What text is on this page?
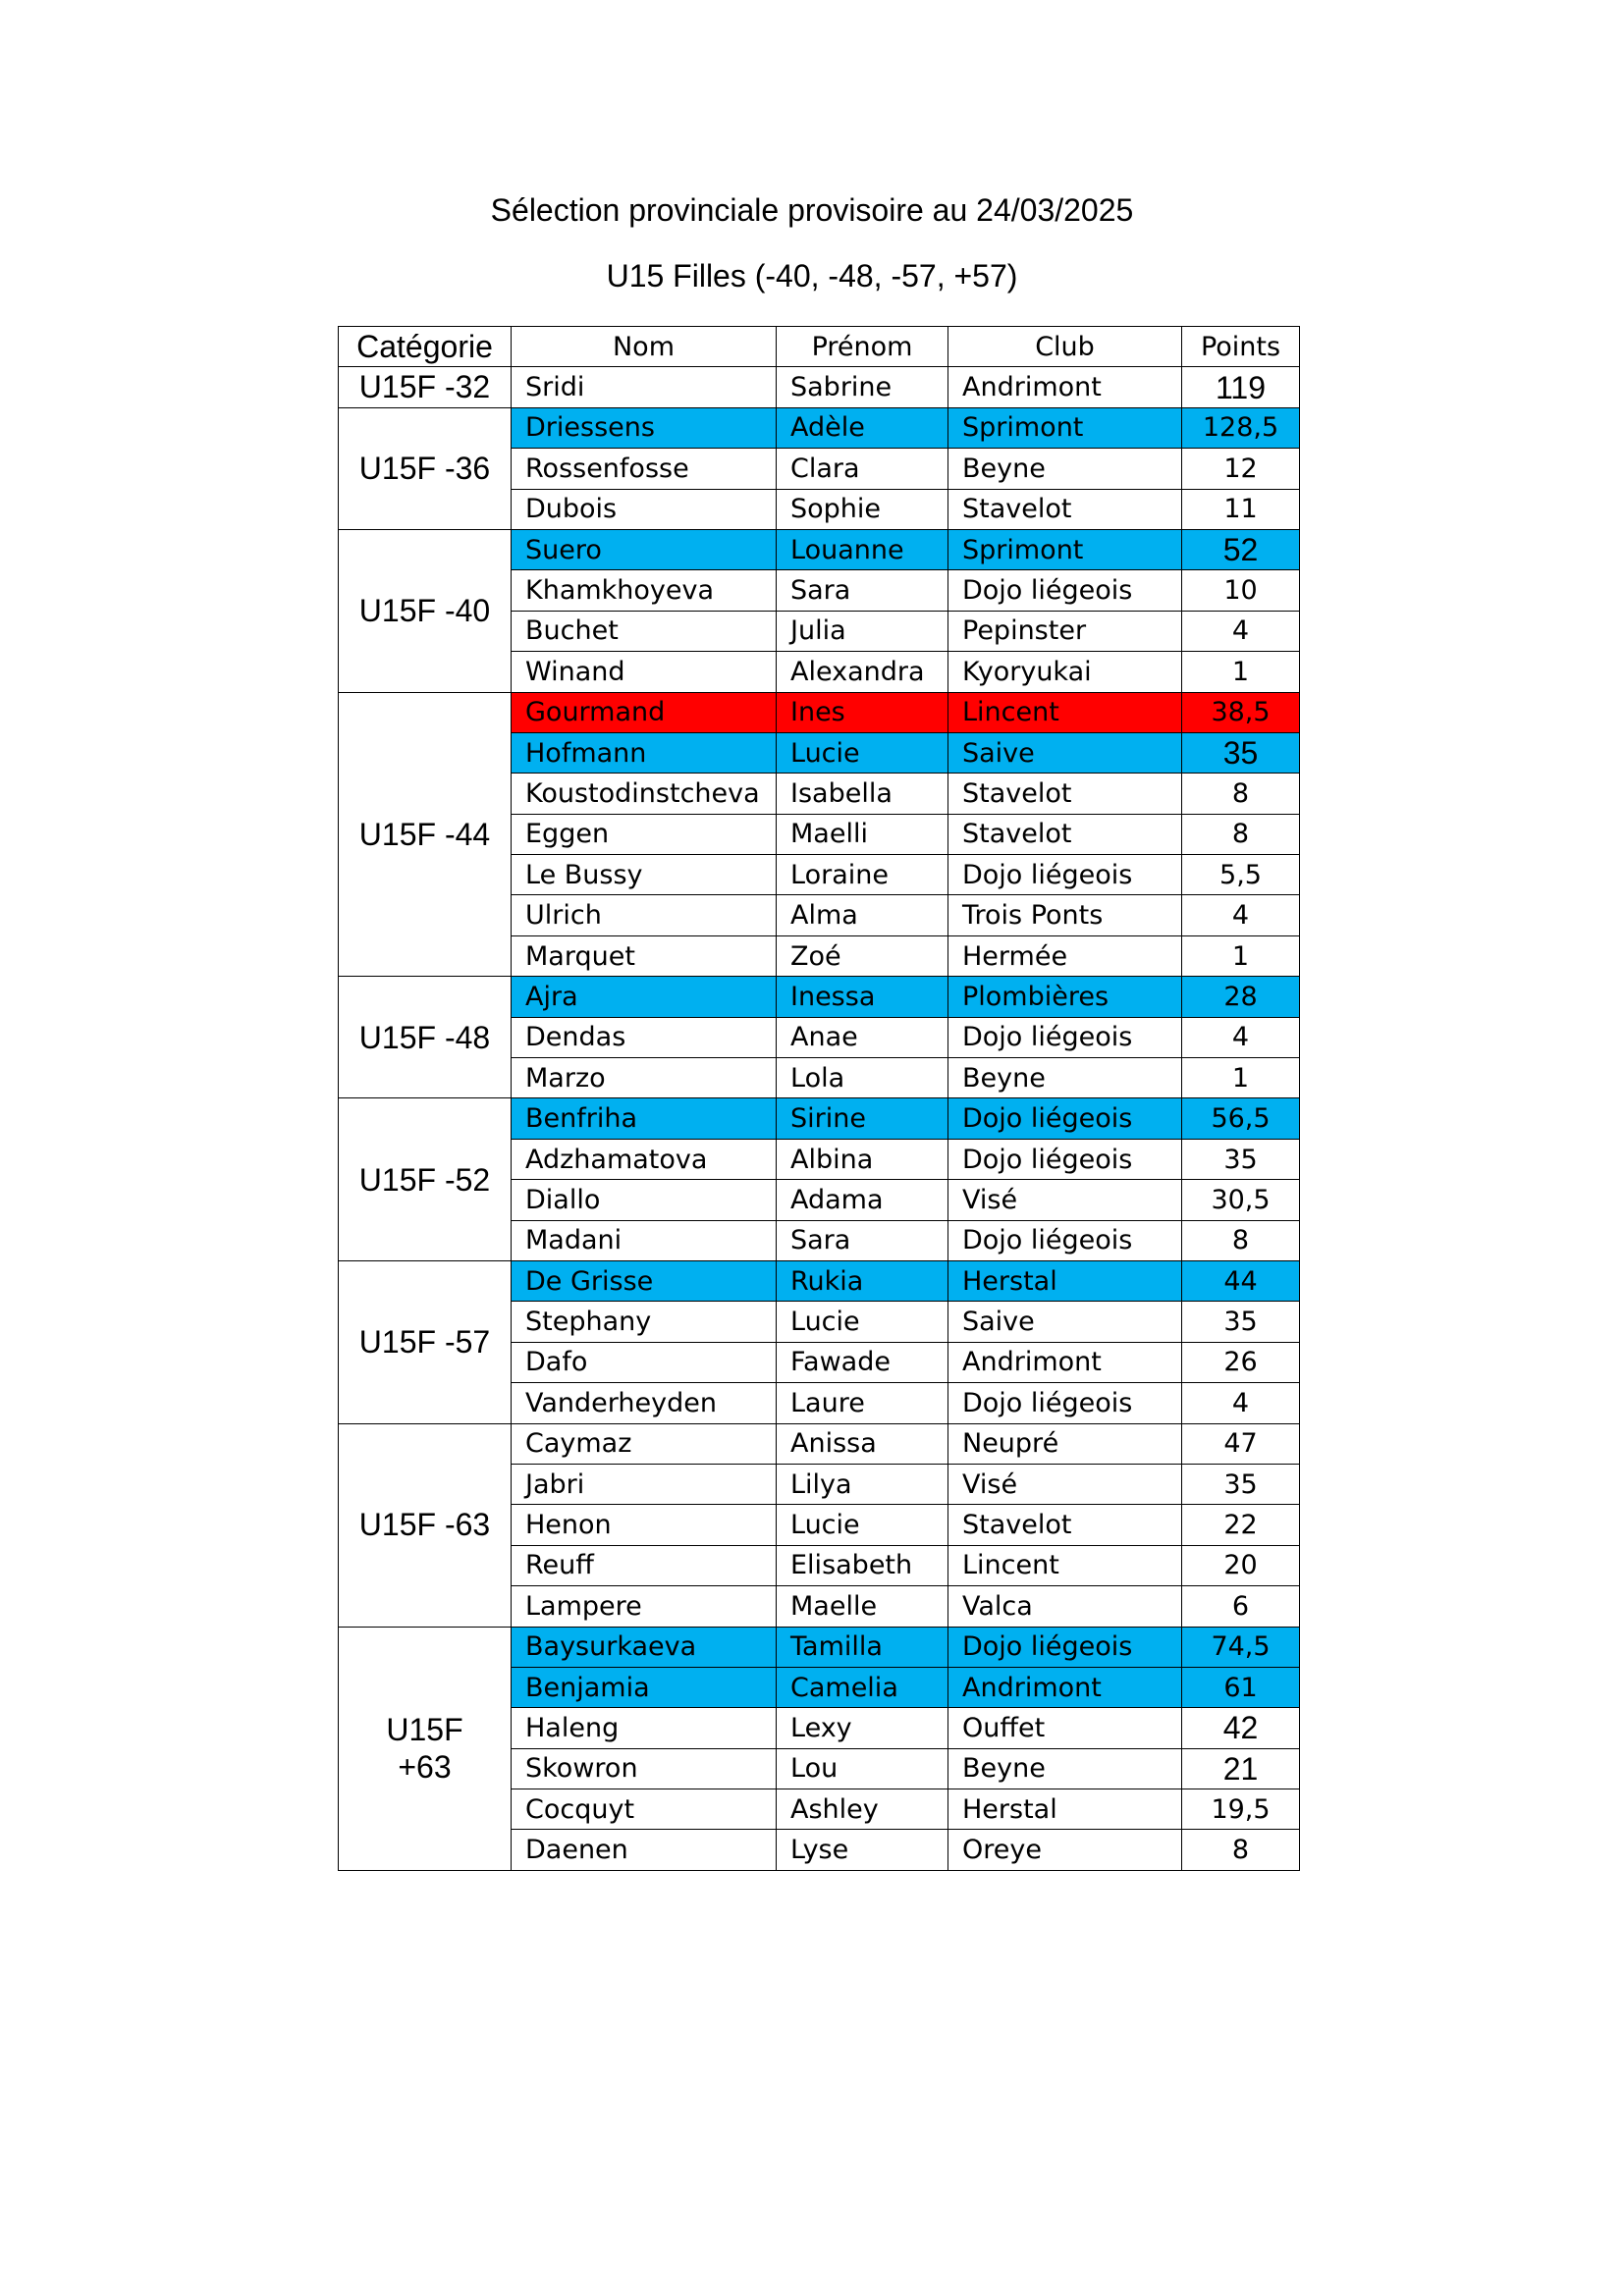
Sélection provinciale provisoire au 24/03/2025
U15 Filles (-40, -48, -57, +57)
Catégorie	Nom	Prénom	Club	Points
U15F -32	Sridi	Sabrine	Andrimont	119
U15F -36	Driessens	Adèle	Sprimont	128,5
	Rossenfosse	Clara	Beyne	12
	Dubois	Sophie	Stavelot	11
U15F -40	Suero	Louanne	Sprimont	52
	Khamkhoyeva	Sara	Dojo liégeois	10
	Buchet	Julia	Pepinster	4
	Winand	Alexandra	Kyoryukai	1
U15F -44	Gourmand	Ines	Lincent	38,5
	Hofmann	Lucie	Saive	35
	Koustodinstcheva	Isabella	Stavelot	8
	Eggen	Maelli	Stavelot	8
	Le Bussy	Loraine	Dojo liégeois	5,5
	Ulrich	Alma	Trois Ponts	4
	Marquet	Zoé	Hermée	1
U15F -48	Ajra	Inessa	Plombières	28
	Dendas	Anae	Dojo liégeois	4
	Marzo	Lola	Beyne	1
U15F -52	Benfriha	Sirine	Dojo liégeois	56,5
	Adzhamatova	Albina	Dojo liégeois	35
	Diallo	Adama	Visé	30,5
	Madani	Sara	Dojo liégeois	8
U15F -57	De Grisse	Rukia	Herstal	44
	Stephany	Lucie	Saive	35
	Dafo	Fawade	Andrimont	26
	Vanderheyden	Laure	Dojo liégeois	4
U15F -63	Caymaz	Anissa	Neupré	47
	Jabri	Lilya	Visé	35
	Henon	Lucie	Stavelot	22
	Reuff	Elisabeth	Lincent	20
	Lampere	Maelle	Valca	6
U15F
+63	Baysurkaeva	Tamilla	Dojo liégeois	74,5
	Benjamia	Camelia	Andrimont	61
	Haleng	Lexy	Ouffet	42
	Skowron	Lou	Beyne	21
	Cocquyt	Ashley	Herstal	19,5
	Daenen	Lyse	Oreye	8
